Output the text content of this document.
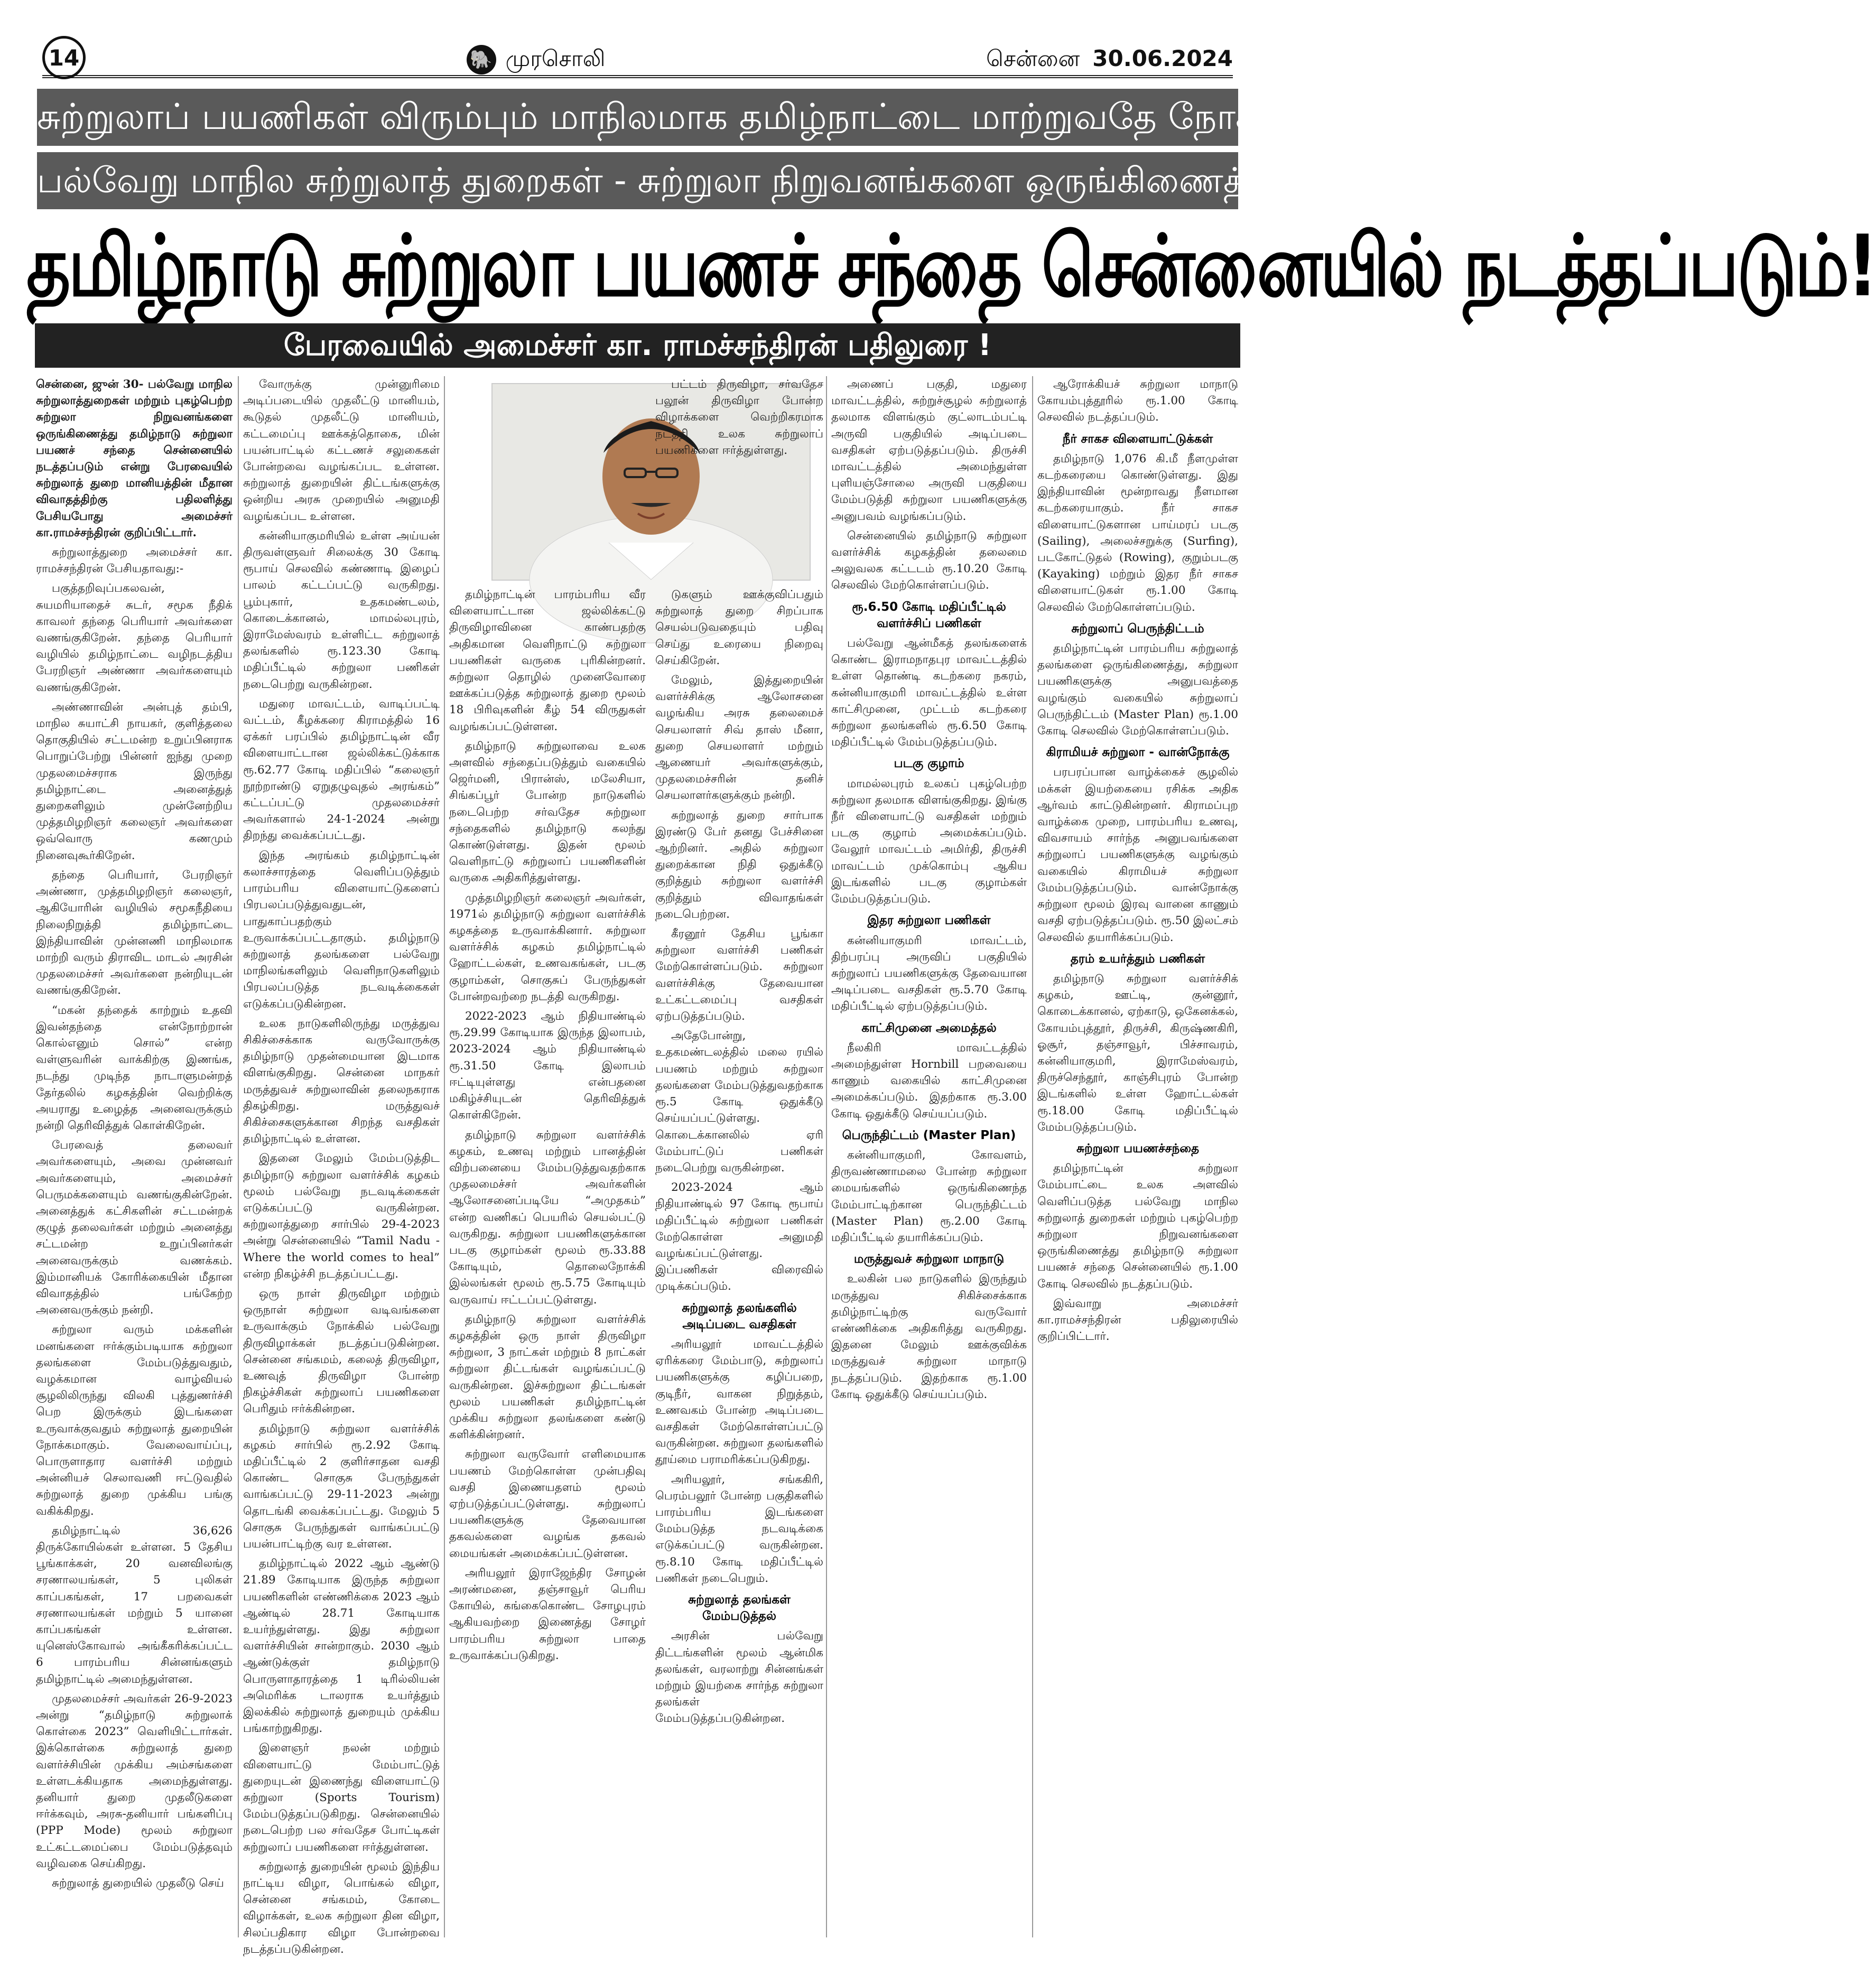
14	🐘 முரசொலி	சென்னை 30.06.2024
சுற்றுலாப் பயணிகள் விரும்பும் மாநிலமாக தமிழ்நாட்டை மாற்றுவதே நோக்கம்!
பல்வேறு மாநில சுற்றுலாத் துறைகள் - சுற்றுலா நிறுவனங்களை ஒருங்கிணைத்து
தமிழ்நாடு சுற்றுலா பயணச் சந்தை சென்னையில் நடத்தப்படும்!
பேரவையில் அமைச்சர் கா. ராமச்சந்திரன் பதிலுரை !

சென்னை, ஜுன் 30- பல்வேறு மாநில சுற்றுலாத்துறைகள் மற்றும் புகழ்பெற்ற சுற்றுலா நிறுவனங்களை ஒருங்கிணைத்து தமிழ்நாடு சுற்றுலா பயணச் சந்தை சென்னையில் நடத்தப்படும் என்று பேரவையில் சுற்றுலாத் துறை மானியத்தின் மீதான விவாதத்திற்கு பதிலளித்து பேசியபோது அமைச்சர் கா.ராமச்சந்திரன் குறிப்பிட்டார்.

சுற்றுலாத்துறை அமைச்சர் கா. ராமச்சந்திரன் பேசியதாவது:-

பகுத்தறிவுப்பகலவன், சுயமரியாதைச் சுடர், சமூக நீதிக் காவலர் தந்தை பெரியார் அவர்களை வணங்குகிறேன். தந்தை பெரியார் வழியில் தமிழ்நாட்டை வழிநடத்திய பேரறிஞர் அண்ணா அவர்களையும் வணங்குகிறேன்.

அண்ணாவின் அன்புத் தம்பி, மாநில சுயாட்சி நாயகர், குளித்தலை தொகுதியில் சட்டமன்ற உறுப்பினராக பொறுப்பேற்று பின்னர் ஐந்து முறை முதலமைச்சராக இருந்து தமிழ்நாட்டை அனைத்துத் துறைகளிலும் முன்னேற்றிய முத்தமிழறிஞர் கலைஞர் அவர்களை ஒவ்வொரு கணமும் நினைவுகூர்கிறேன்.

தந்தை பெரியார், பேரறிஞர் அண்ணா, முத்தமிழறிஞர் கலைஞர், ஆகியோரின் வழியில் சமூகநீதியை நிலைநிறுத்தி தமிழ்நாட்டை இந்தியாவின் முன்னணி மாநிலமாக மாற்றி வரும் திராவிட மாடல் அரசின் முதலமைச்சர் அவர்களை நன்றியுடன் வணங்குகிறேன்.

“மகன் தந்தைக் காற்றும் உதவி இவன்தந்தை என்நோற்றான் கொல்எனும் சொல்” என்ற வள்ளுவரின் வாக்கிற்கு இணங்க, நடந்து முடிந்த நாடாளுமன்றத் தேர்தலில் கழகத்தின் வெற்றிக்கு அயராது உழைத்த அனைவருக்கும் நன்றி தெரிவித்துக் கொள்கிறேன்.

பேரவைத் தலைவர் அவர்களையும், அவை முன்னவர் அவர்களையும், அமைச்சர் பெருமக்களையும் வணங்குகின்றேன். அனைத்துக் கட்சிகளின் சட்டமன்றக் குழுத் தலைவர்கள் மற்றும் அனைத்து சட்டமன்ற உறுப்பினர்கள் அனைவருக்கும் வணக்கம். இம்மானியக் கோரிக்கையின் மீதான விவாதத்தில் பங்கேற்ற அனைவருக்கும் நன்றி.

சுற்றுலா வரும் மக்களின் மனங்களை ஈர்க்கும்படியாக சுற்றுலா தலங்களை மேம்படுத்துவதும், வழக்கமான வாழ்வியல் சூழலிலிருந்து விலகி புத்துணர்ச்சி பெற இருக்கும் இடங்களை உருவாக்குவதும் சுற்றுலாத் துறையின் நோக்கமாகும். வேலைவாய்ப்பு, பொருளாதார வளர்ச்சி மற்றும் அன்னியச் செலாவணி ஈட்டுவதில் சுற்றுலாத் துறை முக்கிய பங்கு வகிக்கிறது.

தமிழ்நாட்டில் 36,626 திருக்கோயில்கள் உள்ளன. 5 தேசிய பூங்காக்கள், 20 வனவிலங்கு சரணாலயங்கள், 5 புலிகள் காப்பகங்கள், 17 பறவைகள் சரணாலயங்கள் மற்றும் 5 யானை காப்பகங்கள் உள்ளன. யுனெஸ்கோவால் அங்கீகரிக்கப்பட்ட 6 பாரம்பரிய சின்னங்களும் தமிழ்நாட்டில் அமைந்துள்ளன.

முதலமைச்சர் அவர்கள் 26-9-2023 அன்று “தமிழ்நாடு சுற்றுலாக் கொள்கை 2023” வெளியிட்டார்கள். இக்கொள்கை சுற்றுலாத் துறை வளர்ச்சியின் முக்கிய அம்சங்களை உள்ளடக்கியதாக அமைந்துள்ளது. தனியார் துறை முதலீடுகளை ஈர்க்கவும், அரசு-தனியார் பங்களிப்பு (PPP Mode) மூலம் சுற்றுலா உட்கட்டமைப்பை மேம்படுத்தவும் வழிவகை செய்கிறது.

சுற்றுலாத் துறையில் முதலீடு செய்

வோருக்கு முன்னுரிமை அடிப்படையில் முதலீட்டு மானியம், கூடுதல் முதலீட்டு மானியம், கட்டமைப்பு ஊக்கத்தொகை, மின் பயன்பாட்டில் கட்டணச் சலுகைகள் போன்றவை வழங்கப்பட உள்ளன. சுற்றுலாத் துறையின் திட்டங்களுக்கு ஒன்றிய அரசு முறையில் அனுமதி வழங்கப்பட உள்ளன.

கன்னியாகுமரியில் உள்ள அய்யன் திருவள்ளுவர் சிலைக்கு 30 கோடி ரூபாய் செலவில் கண்ணாடி இழைப் பாலம் கட்டப்பட்டு வருகிறது. பூம்புகார், உதகமண்டலம், கொடைக்கானல், மாமல்லபுரம், இராமேஸ்வரம் உள்ளிட்ட சுற்றுலாத் தலங்களில் ரூ.123.30 கோடி மதிப்பீட்டில் சுற்றுலா பணிகள் நடைபெற்று வருகின்றன.

மதுரை மாவட்டம், வாடிப்பட்டி வட்டம், கீழக்கரை கிராமத்தில் 16 ஏக்கர் பரப்பில் தமிழ்நாட்டின் வீர விளையாட்டான ஜல்லிக்கட்டுக்காக ரூ.62.77 கோடி மதிப்பில் “கலைஞர் நூற்றாண்டு ஏறுதழுவுதல் அரங்கம்” கட்டப்பட்டு முதலமைச்சர் அவர்களால் 24-1-2024 அன்று திறந்து வைக்கப்பட்டது.

இந்த அரங்கம் தமிழ்நாட்டின் கலாச்சாரத்தை வெளிப்படுத்தும் பாரம்பரிய விளையாட்டுகளைப் பிரபலப்படுத்துவதுடன், பாதுகாப்பதற்கும் உருவாக்கப்பட்டதாகும். தமிழ்நாடு சுற்றுலாத் தலங்களை பல்வேறு மாநிலங்களிலும் வெளிநாடுகளிலும் பிரபலப்படுத்த நடவடிக்கைகள் எடுக்கப்படுகின்றன.

உலக நாடுகளிலிருந்து மருத்துவ சிகிச்சைக்காக வருவோருக்கு தமிழ்நாடு முதன்மையான இடமாக விளங்குகிறது. சென்னை மாநகர் மருத்துவச் சுற்றுலாவின் தலைநகராக திகழ்கிறது. மருத்துவச் சிகிச்சைகளுக்கான சிறந்த வசதிகள் தமிழ்நாட்டில் உள்ளன.

இதனை மேலும் மேம்படுத்திட தமிழ்நாடு சுற்றுலா வளர்ச்சிக் கழகம் மூலம் பல்வேறு நடவடிக்கைகள் எடுக்கப்பட்டு வருகின்றன. சுற்றுலாத்துறை சார்பில் 29-4-2023 அன்று சென்னையில் “Tamil Nadu - Where the world comes to heal” என்ற நிகழ்ச்சி நடத்தப்பட்டது.

ஒரு நாள் திருவிழா மற்றும் ஒருநாள் சுற்றுலா வடிவங்களை உருவாக்கும் நோக்கில் பல்வேறு திருவிழாக்கள் நடத்தப்படுகின்றன. சென்னை சங்கமம், கலைத் திருவிழா, உணவுத் திருவிழா போன்ற நிகழ்ச்சிகள் சுற்றுலாப் பயணிகளை பெரிதும் ஈர்க்கின்றன.

தமிழ்நாடு சுற்றுலா வளர்ச்சிக் கழகம் சார்பில் ரூ.2.92 கோடி மதிப்பீட்டில் 2 குளிர்சாதன வசதி கொண்ட சொகுசு பேருந்துகள் வாங்கப்பட்டு 29-11-2023 அன்று தொடங்கி வைக்கப்பட்டது. மேலும் 5 சொகுசு பேருந்துகள் வாங்கப்பட்டு பயன்பாட்டிற்கு வர உள்ளன.

தமிழ்நாட்டில் 2022 ஆம் ஆண்டு 21.89 கோடியாக இருந்த சுற்றுலா பயணிகளின் எண்ணிக்கை 2023 ஆம் ஆண்டில் 28.71 கோடியாக உயர்ந்துள்ளது. இது சுற்றுலா வளர்ச்சியின் சான்றாகும். 2030 ஆம் ஆண்டுக்குள் தமிழ்நாடு பொருளாதாரத்தை 1 டிரில்லியன் அமெரிக்க டாலராக உயர்த்தும் இலக்கில் சுற்றுலாத் துறையும் முக்கிய பங்காற்றுகிறது.

இளைஞர் நலன் மற்றும் விளையாட்டு மேம்பாட்டுத் துறையுடன் இணைந்து விளையாட்டு சுற்றுலா (Sports Tourism) மேம்படுத்தப்படுகிறது. சென்னையில் நடைபெற்ற பல சர்வதேச போட்டிகள் சுற்றுலாப் பயணிகளை ஈர்த்துள்ளன.

சுற்றுலாத் துறையின் மூலம் இந்திய நாட்டிய விழா, பொங்கல் விழா, சென்னை சங்கமம், கோடை விழாக்கள், உலக சுற்றுலா தின விழா, சிலப்பதிகார விழா போன்றவை நடத்தப்படுகின்றன.

தமிழ்நாட்டின் பாரம்பரிய வீர விளையாட்டான ஜல்லிக்கட்டு திருவிழாவினை காண்பதற்கு அதிகமான வெளிநாட்டு சுற்றுலா பயணிகள் வருகை புரிகின்றனர். சுற்றுலா தொழில் முனைவோரை ஊக்கப்படுத்த சுற்றுலாத் துறை மூலம் 18 பிரிவுகளின் கீழ் 54 விருதுகள் வழங்கப்பட்டுள்ளன.

தமிழ்நாடு சுற்றுலாவை உலக அளவில் சந்தைப்படுத்தும் வகையில் ஜெர்மனி, பிரான்ஸ், மலேசியா, சிங்கப்பூர் போன்ற நாடுகளில் நடைபெற்ற சர்வதேச சுற்றுலா சந்தைகளில் தமிழ்நாடு கலந்து கொண்டுள்ளது. இதன் மூலம் வெளிநாட்டு சுற்றுலாப் பயணிகளின் வருகை அதிகரித்துள்ளது.

முத்தமிழறிஞர் கலைஞர் அவர்கள், 1971ல் தமிழ்நாடு சுற்றுலா வளர்ச்சிக் கழகத்தை உருவாக்கினார். சுற்றுலா வளர்ச்சிக் கழகம் தமிழ்நாட்டில் ஹோட்டல்கள், உணவகங்கள், படகு குழாம்கள், சொகுசுப் பேருந்துகள் போன்றவற்றை நடத்தி வருகிறது.

2022-2023 ஆம் நிதியாண்டில் ரூ.29.99 கோடியாக இருந்த இலாபம், 2023-2024 ஆம் நிதியாண்டில் ரூ.31.50 கோடி இலாபம் ஈட்டியுள்ளது என்பதனை மகிழ்ச்சியுடன் தெரிவித்துக் கொள்கிறேன்.

தமிழ்நாடு சுற்றுலா வளர்ச்சிக் கழகம், உணவு மற்றும் பானத்தின் விற்பனையை மேம்படுத்துவதற்காக முதலமைச்சர் அவர்களின் ஆலோசனைப்படியே “அமுதகம்” என்ற வணிகப் பெயரில் செயல்பட்டு வருகிறது. சுற்றுலா பயணிகளுக்கான படகு குழாம்கள் மூலம் ரூ.33.88 கோடியும், தொலைநோக்கி இல்லங்கள் மூலம் ரூ.5.75 கோடியும் வருவாய் ஈட்டப்பட்டுள்ளது.

தமிழ்நாடு சுற்றுலா வளர்ச்சிக் கழகத்தின் ஒரு நாள் திருவிழா சுற்றுலா, 3 நாட்கள் மற்றும் 8 நாட்கள் சுற்றுலா திட்டங்கள் வழங்கப்பட்டு வருகின்றன. இச்சுற்றுலா திட்டங்கள் மூலம் பயணிகள் தமிழ்நாட்டின் முக்கிய சுற்றுலா தலங்களை கண்டு களிக்கின்றனர்.

சுற்றுலா வருவோர் எளிமையாக பயணம் மேற்கொள்ள முன்பதிவு வசதி இணையதளம் மூலம் ஏற்படுத்தப்பட்டுள்ளது. சுற்றுலாப் பயணிகளுக்கு தேவையான தகவல்களை வழங்க தகவல் மையங்கள் அமைக்கப்பட்டுள்ளன.

அரியலூர் இராஜேந்திர சோழன் அரண்மனை, தஞ்சாவூர் பெரிய கோயில், கங்கைகொண்ட சோழபுரம் ஆகியவற்றை இணைத்து சோழர் பாரம்பரிய சுற்றுலா பாதை உருவாக்கப்படுகிறது.

டுகளும் ஊக்குவிப்பதும் சுற்றுலாத் துறை சிறப்பாக செயல்படுவதையும் பதிவு செய்து உரையை நிறைவு செய்கிறேன்.

மேலும், இத்துறையின் வளர்ச்சிக்கு ஆலோசனை வழங்கிய அரசு தலைமைச் செயலாளர் சிவ் தாஸ் மீனா, துறை செயலாளர் மற்றும் ஆணையர் அவர்களுக்கும், முதலமைச்சரின் தனிச் செயலாளர்களுக்கும் நன்றி.

சுற்றுலாத் துறை சார்பாக இரண்டு பேர் தனது பேச்சினை ஆற்றினர். அதில் சுற்றுலா துறைக்கான நிதி ஒதுக்கீடு குறித்தும் சுற்றுலா வளர்ச்சி குறித்தும் விவாதங்கள் நடைபெற்றன.

கீரனூர் தேசிய பூங்கா சுற்றுலா வளர்ச்சி பணிகள் மேற்கொள்ளப்படும். சுற்றுலா வளர்ச்சிக்கு தேவையான உட்கட்டமைப்பு வசதிகள் ஏற்படுத்தப்படும்.

அதேபோன்று, உதகமண்டலத்தில் மலை ரயில் பயணம் மற்றும் சுற்றுலா தலங்களை மேம்படுத்துவதற்காக ரூ.5 கோடி ஒதுக்கீடு செய்யப்பட்டுள்ளது. கொடைக்கானலில் ஏரி மேம்பாட்டுப் பணிகள் நடைபெற்று வருகின்றன.

2023-2024 ஆம் நிதியாண்டில் 97 கோடி ரூபாய் மதிப்பீட்டில் சுற்றுலா பணிகள் மேற்கொள்ள அனுமதி வழங்கப்பட்டுள்ளது. இப்பணிகள் விரைவில் முடிக்கப்படும்.

சுற்றுலாத் தலங்களில் அடிப்படை வசதிகள்

அரியலூர் மாவட்டத்தில் ஏரிக்கரை மேம்பாடு, சுற்றுலாப் பயணிகளுக்கு கழிப்பறை, குடிநீர், வாகன நிறுத்தம், உணவகம் போன்ற அடிப்படை வசதிகள் மேற்கொள்ளப்பட்டு வருகின்றன. சுற்றுலா தலங்களில் தூய்மை பராமரிக்கப்படுகிறது.

அரியலூர், சங்ககிரி, பெரம்பலூர் போன்ற பகுதிகளில் பாரம்பரிய இடங்களை மேம்படுத்த நடவடிக்கை எடுக்கப்பட்டு வருகின்றன. ரூ.8.10 கோடி மதிப்பீட்டில் பணிகள் நடைபெறும்.

சுற்றுலாத் தலங்கள் மேம்படுத்தல்

அரசின் பல்வேறு திட்டங்களின் மூலம் ஆன்மிக தலங்கள், வரலாற்று சின்னங்கள் மற்றும் இயற்கை சார்ந்த சுற்றுலா தலங்கள் மேம்படுத்தப்படுகின்றன.

அணைப் பகுதி, மதுரை மாவட்டத்தில், சுற்றுச்சூழல் சுற்றுலாத் தலமாக விளங்கும் குட்லாடம்பட்டி அருவி பகுதியில் அடிப்படை வசதிகள் ஏற்படுத்தப்படும். திருச்சி மாவட்டத்தில் அமைந்துள்ள புளியஞ்சோலை அருவி பகுதியை மேம்படுத்தி சுற்றுலா பயணிகளுக்கு அனுபவம் வழங்கப்படும்.

சென்னையில் தமிழ்நாடு சுற்றுலா வளர்ச்சிக் கழகத்தின் தலைமை அலுவலக கட்டடம் ரூ.10.20 கோடி செலவில் மேற்கொள்ளப்படும்.

ரூ.6.50 கோடி மதிப்பீட்டில் வளர்ச்சிப் பணிகள்

பல்வேறு ஆன்மீகத் தலங்களைக் கொண்ட இராமநாதபுர மாவட்டத்தில் உள்ள தொண்டி கடற்கரை நகரம், கன்னியாகுமரி மாவட்டத்தில் உள்ள காட்சிமுனை, முட்டம் கடற்கரை சுற்றுலா தலங்களில் ரூ.6.50 கோடி மதிப்பீட்டில் மேம்படுத்தப்படும்.

படகு குழாம்

மாமல்லபுரம் உலகப் புகழ்பெற்ற சுற்றுலா தலமாக விளங்குகிறது. இங்கு நீர் விளையாட்டு வசதிகள் மற்றும் படகு குழாம் அமைக்கப்படும். வேலூர் மாவட்டம் அமிர்தி, திருச்சி மாவட்டம் முக்கொம்பு ஆகிய இடங்களில் படகு குழாம்கள் மேம்படுத்தப்படும்.

இதர சுற்றுலா பணிகள்

கன்னியாகுமரி மாவட்டம், திற்பரப்பு அருவிப் பகுதியில் சுற்றுலாப் பயணிகளுக்கு தேவையான அடிப்படை வசதிகள் ரூ.5.70 கோடி மதிப்பீட்டில் ஏற்படுத்தப்படும்.

காட்சிமுனை அமைத்தல்

நீலகிரி மாவட்டத்தில் அமைந்துள்ள Hornbill பறவையை காணும் வகையில் காட்சிமுனை அமைக்கப்படும். இதற்காக ரூ.3.00 கோடி ஒதுக்கீடு செய்யப்படும்.

பெருந்திட்டம் (Master Plan)

கன்னியாகுமரி, கோவளம், திருவண்ணாமலை போன்ற சுற்றுலா மையங்களில் ஒருங்கிணைந்த மேம்பாட்டிற்கான பெருந்திட்டம் (Master Plan) ரூ.2.00 கோடி மதிப்பீட்டில் தயாரிக்கப்படும்.

மருத்துவச் சுற்றுலா மாநாடு

உலகின் பல நாடுகளில் இருந்தும் மருத்துவ சிகிச்சைக்காக தமிழ்நாட்டிற்கு வருவோர் எண்ணிக்கை அதிகரித்து வருகிறது. இதனை மேலும் ஊக்குவிக்க மருத்துவச் சுற்றுலா மாநாடு நடத்தப்படும். இதற்காக ரூ.1.00 கோடி ஒதுக்கீடு செய்யப்படும்.

ஆரோக்கியச் சுற்றுலா மாநாடு கோயம்புத்தூரில் ரூ.1.00 கோடி செலவில் நடத்தப்படும்.

நீர் சாகச விளையாட்டுக்கள்

தமிழ்நாடு 1,076 கி.மீ நீளமுள்ள கடற்கரையை கொண்டுள்ளது. இது இந்தியாவின் மூன்றாவது நீளமான கடற்கரையாகும். நீர் சாகச விளையாட்டுகளான பாய்மரப் படகு (Sailing), அலைச்சறுக்கு (Surfing), படகோட்டுதல் (Rowing), குறும்படகு (Kayaking) மற்றும் இதர நீர் சாகச விளையாட்டுகள் ரூ.1.00 கோடி செலவில் மேற்கொள்ளப்படும்.

சுற்றுலாப் பெருந்திட்டம்

தமிழ்நாட்டின் பாரம்பரிய சுற்றுலாத் தலங்களை ஒருங்கிணைத்து, சுற்றுலா பயணிகளுக்கு அனுபவத்தை வழங்கும் வகையில் சுற்றுலாப் பெருந்திட்டம் (Master Plan) ரூ.1.00 கோடி செலவில் மேற்கொள்ளப்படும்.

கிராமியச் சுற்றுலா - வான்நோக்கு

பரபரப்பான வாழ்க்கைச் சூழலில் மக்கள் இயற்கையை ரசிக்க அதிக ஆர்வம் காட்டுகின்றனர். கிராமப்புற வாழ்க்கை முறை, பாரம்பரிய உணவு, விவசாயம் சார்ந்த அனுபவங்களை சுற்றுலாப் பயணிகளுக்கு வழங்கும் வகையில் கிராமியச் சுற்றுலா மேம்படுத்தப்படும். வான்நோக்கு சுற்றுலா மூலம் இரவு வானை காணும் வசதி ஏற்படுத்தப்படும். ரூ.50 இலட்சம் செலவில் தயாரிக்கப்படும்.

தரம் உயர்த்தும் பணிகள்

தமிழ்நாடு சுற்றுலா வளர்ச்சிக் கழகம், ஊட்டி, குன்னூர், கொடைக்கானல், ஏற்காடு, ஒகேனக்கல், கோயம்புத்தூர், திருச்சி, கிருஷ்ணகிரி, ஓசூர், தஞ்சாவூர், பிச்சாவரம், கன்னியாகுமரி, இராமேஸ்வரம், திருச்செந்தூர், காஞ்சிபுரம் போன்ற இடங்களில் உள்ள ஹோட்டல்கள் ரூ.18.00 கோடி மதிப்பீட்டில் மேம்படுத்தப்படும்.

சுற்றுலா பயணச்சந்தை

தமிழ்நாட்டின் சுற்றுலா மேம்பாட்டை உலக அளவில் வெளிப்படுத்த பல்வேறு மாநில சுற்றுலாத் துறைகள் மற்றும் புகழ்பெற்ற சுற்றுலா நிறுவனங்களை ஒருங்கிணைத்து தமிழ்நாடு சுற்றுலா பயணச் சந்தை சென்னையில் ரூ.1.00 கோடி செலவில் நடத்தப்படும்.

இவ்வாறு அமைச்சர் கா.ராமச்சந்திரன் பதிலுரையில் குறிப்பிட்டார்.

பட்டம் திருவிழா, சர்வதேச பலூன் திருவிழா போன்ற விழாக்களை வெற்றிகரமாக நடத்தி உலக சுற்றுலாப் பயணிகளை ஈர்த்துள்ளது.
